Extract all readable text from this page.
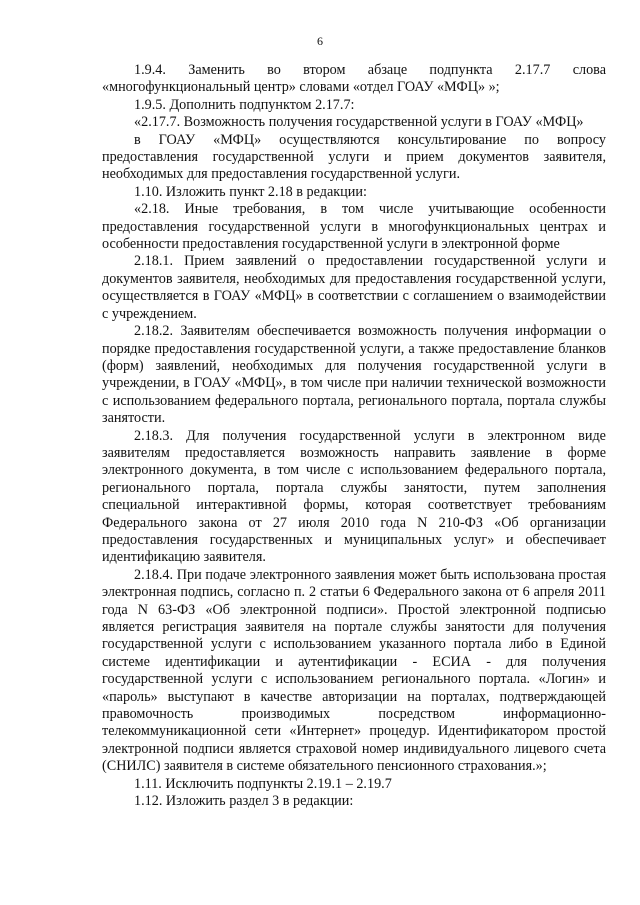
6

1.9.4. Заменить во втором абзаце подпункта 2.17.7 слова «многофункциональный центр» словами «отдел ГОАУ «МФЦ» »;

1.9.5. Дополнить подпунктом 2.17.7:

«2.17.7. Возможность получения государственной услуги в ГОАУ «МФЦ»

в ГОАУ «МФЦ» осуществляются консультирование по вопросу предоставления государственной услуги и прием документов заявителя, необходимых для предоставления государственной услуги.

1.10. Изложить пункт 2.18 в редакции:

«2.18. Иные требования, в том числе учитывающие особенности предоставления государственной услуги в многофункциональных центрах и особенности предоставления государственной услуги в электронной форме

2.18.1. Прием заявлений о предоставлении государственной услуги и документов заявителя, необходимых для предоставления государственной услуги, осуществляется в ГОАУ «МФЦ» в соответствии с соглашением о взаимодействии с учреждением.

2.18.2. Заявителям обеспечивается возможность получения информации о порядке предоставления государственной услуги, а также предоставление бланков (форм) заявлений, необходимых для получения государственной услуги в учреждении, в ГОАУ «МФЦ», в том числе при наличии технической возможности с использованием федерального портала, регионального портала, портала службы занятости.

2.18.3. Для получения государственной услуги в электронном виде заявителям предоставляется возможность направить заявление в форме электронного документа, в том числе с использованием федерального портала, регионального портала, портала службы занятости, путем заполнения специальной интерактивной формы, которая соответствует требованиям Федерального закона от 27 июля 2010 года N 210-ФЗ «Об организации предоставления государственных и муниципальных услуг» и обеспечивает идентификацию заявителя.

2.18.4. При подаче электронного заявления может быть использована простая электронная подпись, согласно п. 2 статьи 6 Федерального закона от 6 апреля 2011 года N 63-ФЗ «Об электронной подписи». Простой электронной подписью является регистрация заявителя на портале службы занятости для получения государственной услуги с использованием указанного портала либо в Единой системе идентификации и аутентификации - ЕСИА - для получения государственной услуги с использованием регионального портала. «Логин» и «пароль» выступают в качестве авторизации на порталах, подтверждающей правомочность производимых посредством информационно-телекоммуникационной сети «Интернет» процедур. Идентификатором простой электронной подписи является страховой номер индивидуального лицевого счета (СНИЛС) заявителя в системе обязательного пенсионного страхования.»;

1.11. Исключить подпункты 2.19.1 – 2.19.7

1.12. Изложить раздел 3 в редакции:
